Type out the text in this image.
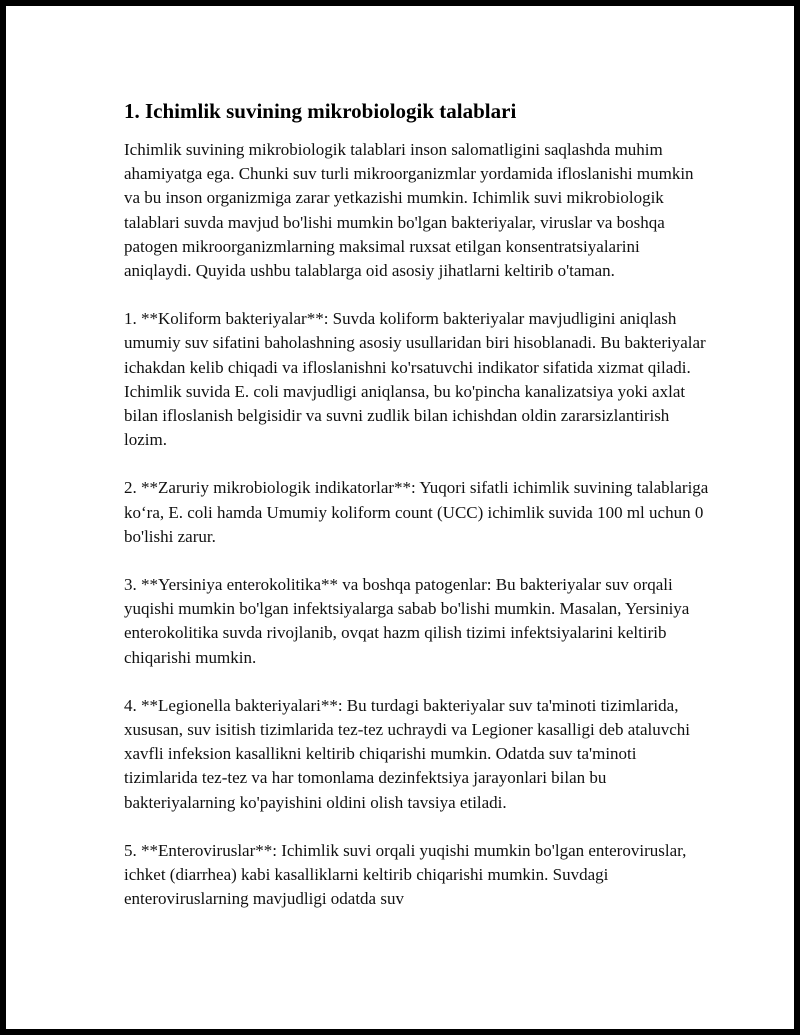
1. Ichimlik suvining mikrobiologik talablari

Ichimlik suvining mikrobiologik talablari inson salomatligini saqlashda muhim ahamiyatga ega. Chunki suv turli mikroorganizmlar yordamida ifloslanishi mumkin va bu inson organizmiga zarar yetkazishi mumkin. Ichimlik suvi mikrobiologik talablari suvda mavjud bo'lishi mumkin bo'lgan bakteriyalar, viruslar va boshqa patogen mikroorganizmlarning maksimal ruxsat etilgan konsentratsiyalarini aniqlaydi. Quyida ushbu talablarga oid asosiy jihatlarni keltirib o'taman.

1. **Koliform bakteriyalar**: Suvda koliform bakteriyalar mavjudligini aniqlash umumiy suv sifatini baholashning asosiy usullaridan biri hisoblanadi. Bu bakteriyalar ichakdan kelib chiqadi va ifloslanishni ko'rsatuvchi indikator sifatida xizmat qiladi. Ichimlik suvida E. coli mavjudligi aniqlansa, bu ko'pincha kanalizatsiya yoki axlat bilan ifloslanish belgisidir va suvni zudlik bilan ichishdan oldin zararsizlantirish lozim.

2. **Zaruriy mikrobiologik indikatorlar**: Yuqori sifatli ichimlik suvining talablariga ko‘ra, E. coli hamda Umumiy koliform count (UCC) ichimlik suvida 100 ml uchun 0 bo'lishi zarur.

3. **Yersiniya enterokolitika** va boshqa patogenlar: Bu bakteriyalar suv orqali yuqishi mumkin bo'lgan infektsiyalarga sabab bo'lishi mumkin. Masalan, Yersiniya enterokolitika suvda rivojlanib, ovqat hazm qilish tizimi infektsiyalarini keltirib chiqarishi mumkin.

4. **Legionella bakteriyalari**: Bu turdagi bakteriyalar suv ta'minoti tizimlarida, xususan, suv isitish tizimlarida tez-tez uchraydi va Legioner kasalligi deb ataluvchi xavfli infeksion kasallikni keltirib chiqarishi mumkin. Odatda suv ta'minoti tizimlarida tez-tez va har tomonlama dezinfektsiya jarayonlari bilan bu bakteriyalarning ko'payishini oldini olish tavsiya etiladi.

5. **Enteroviruslar**: Ichimlik suvi orqali yuqishi mumkin bo'lgan enteroviruslar, ichket (diarrhea) kabi kasalliklarni keltirib chiqarishi mumkin. Suvdagi enteroviruslarning mavjudligi odatda suv
